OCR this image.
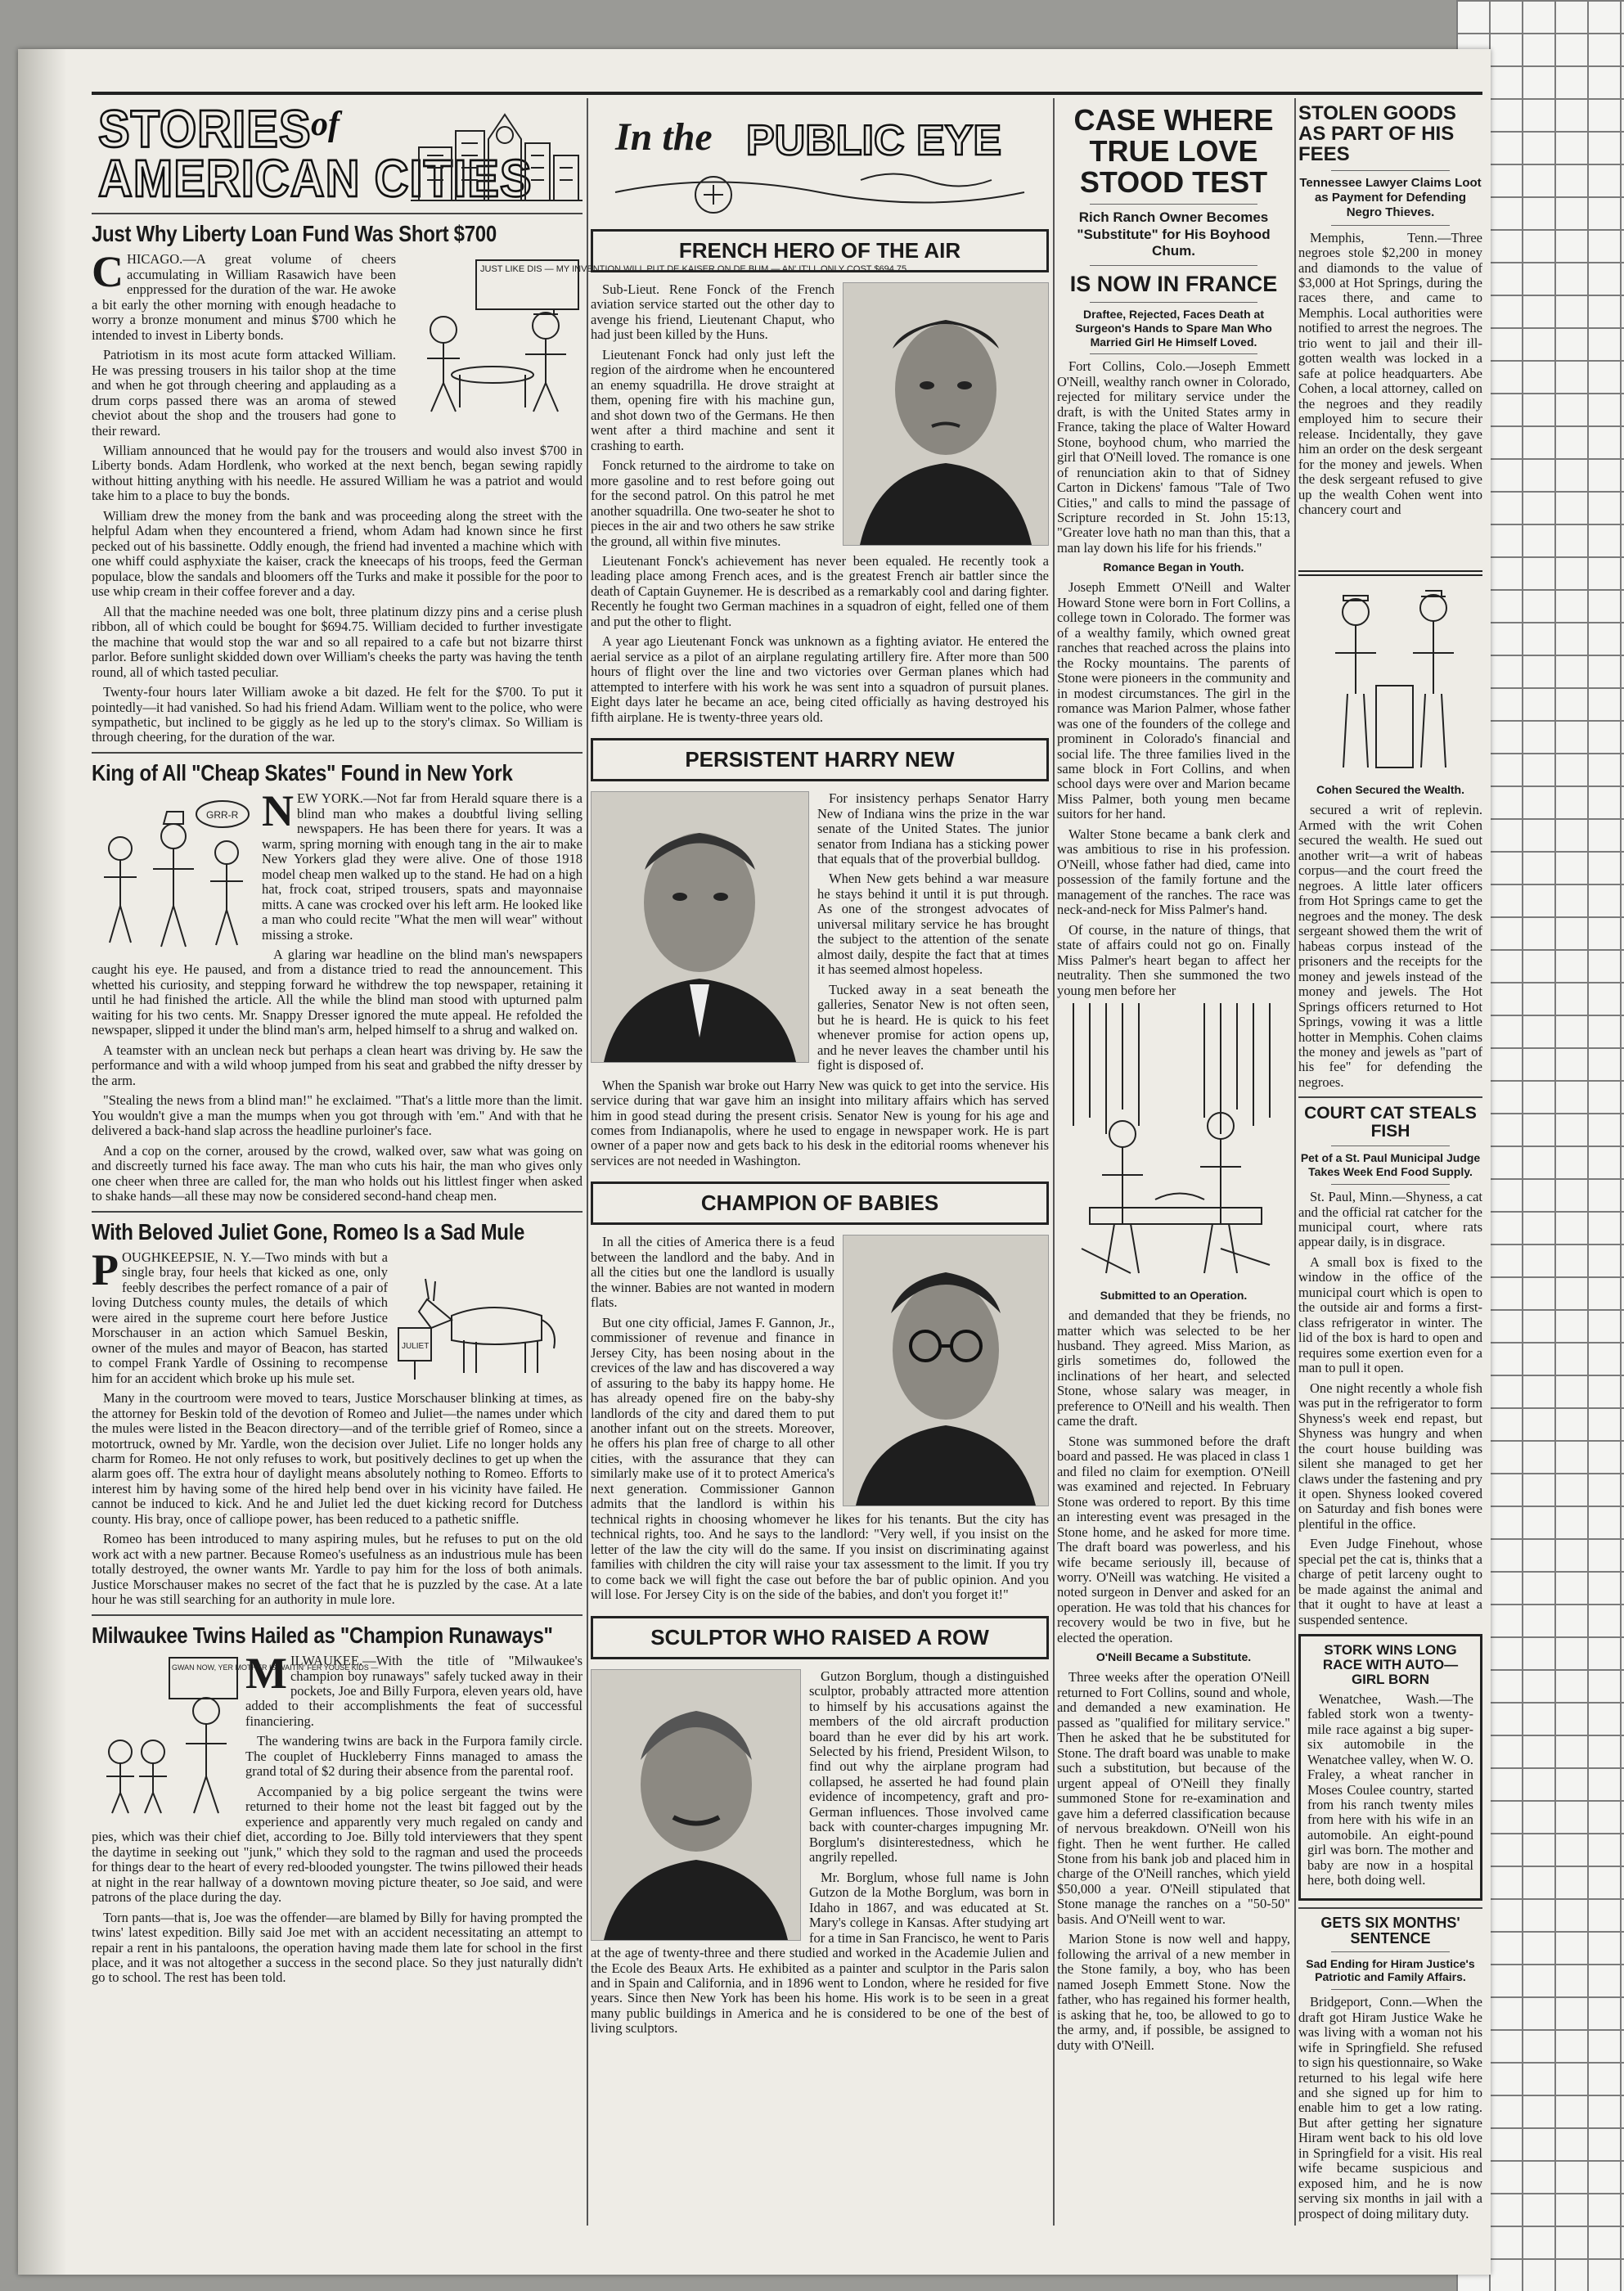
STORIES
AMERICAN CITIES
of
Just Why Liberty Loan Fund Was Short $700
JUST LIKE DIS — MY INVENTION WILL PUT DE KAISER ON DE BUM — AN' IT'LL ONLY COST $694.75

CHICAGO.—A great volume of cheers accumulating in William Rasawich have been enppressed for the duration of the war. He awoke a bit early the other morning with enough headache to worry a bronze monument and minus $700 which he intended to invest in Liberty bonds.

Patriotism in its most acute form attacked William. He was pressing trousers in his tailor shop at the time and when he got through cheering and applauding as a drum corps passed there was an aroma of stewed cheviot about the shop and the trousers had gone to their reward.

William announced that he would pay for the trousers and would also invest $700 in Liberty bonds. Adam Hordlenk, who worked at the next bench, began sewing rapidly without hitting anything with his needle. He assured William he was a patriot and would take him to a place to buy the bonds.

William drew the money from the bank and was proceeding along the street with the helpful Adam when they encountered a friend, whom Adam had known since he first pecked out of his bassinette. Oddly enough, the friend had invented a machine which with one whiff could asphyxiate the kaiser, crack the kneecaps of his troops, feed the German populace, blow the sandals and bloomers off the Turks and make it possible for the poor to use whip cream in their coffee forever and a day.

All that the machine needed was one bolt, three platinum dizzy pins and a cerise plush ribbon, all of which could be bought for $694.75. William decided to further investigate the machine that would stop the war and so all repaired to a cafe but not bizarre thirst parlor. Before sunlight skidded down over William's cheeks the party was having the tenth round, all of which tasted peculiar.

Twenty-four hours later William awoke a bit dazed. He felt for the $700. To put it pointedly—it had vanished. So had his friend Adam. William went to the police, who were sympathetic, but inclined to be giggly as he led up to the story's climax. So William is through cheering, for the duration of the war.

King of All "Cheap Skates" Found in New York
GRR-R NEW YORK.—Not far from Herald square there is a blind man who makes a doubtful living selling newspapers. He has been there for years. It was a warm, spring morning with enough tang in the air to make New Yorkers glad they were alive. One of those 1918 model cheap men walked up to the stand. He had on a high hat, frock coat, striped trousers, spats and mayonnaise mitts. A cane was crocked over his left arm. He looked like a man who could recite "What the men will wear" without missing a stroke.

A glaring war headline on the blind man's newspapers caught his eye. He paused, and from a distance tried to read the announcement. This whetted his curiosity, and stepping forward he withdrew the top newspaper, retaining it until he had finished the article. All the while the blind man stood with upturned palm waiting for his two cents. Mr. Snappy Dresser ignored the mute appeal. He refolded the newspaper, slipped it under the blind man's arm, helped himself to a shrug and walked on.

A teamster with an unclean neck but perhaps a clean heart was driving by. He saw the performance and with a wild whoop jumped from his seat and grabbed the nifty dresser by the arm.

"Stealing the news from a blind man!" he exclaimed. "That's a little more than the limit. You wouldn't give a man the mumps when you got through with 'em." And with that he delivered a back-hand slap across the headline purloiner's face.

And a cop on the corner, aroused by the crowd, walked over, saw what was going on and discreetly turned his face away. The man who cuts his hair, the man who gives only one cheer when three are called for, the man who holds out his littlest finger when asked to shake hands—all these may now be considered second-hand cheap men.

With Beloved Juliet Gone, Romeo Is a Sad Mule
JULIET

POUGHKEEPSIE, N. Y.—Two minds with but a single bray, four heels that kicked as one, only feebly describes the perfect romance of a pair of loving Dutchess county mules, the details of which were aired in the supreme court here before Justice Morschauser in an action which Samuel Beskin, owner of the mules and mayor of Beacon, has started to compel Frank Yardle of Ossining to recompense him for an accident which broke up his mule set.

Many in the courtroom were moved to tears, Justice Morschauser blinking at times, as the attorney for Beskin told of the devotion of Romeo and Juliet—the names under which the mules were listed in the Beacon directory—and of the terrible grief of Romeo, since a motortruck, owned by Mr. Yardle, won the decision over Juliet. Life no longer holds any charm for Romeo. He not only refuses to work, but positively declines to get up when the alarm goes off. The extra hour of daylight means absolutely nothing to Romeo. Efforts to interest him by having some of the hired help bend over in his vicinity have failed. He cannot be induced to kick. And he and Juliet led the duet kicking record for Dutchess county. His bray, once of calliope power, has been reduced to a pathetic sniffle.

Romeo has been introduced to many aspiring mules, but he refuses to put on the old work act with a new partner. Because Romeo's usefulness as an industrious mule has been totally destroyed, the owner wants Mr. Yardle to pay him for the loss of both animals. Justice Morschauser makes no secret of the fact that he is puzzled by the case. At a late hour he was still searching for an authority in mule lore.

Milwaukee Twins Hailed as "Champion Runaways"
GWAN NOW, YER MOTHER IS WAITIN' FER YOUSE KIDS —

MILWAUKEE.—With the title of "Milwaukee's champion boy runaways" safely tucked away in their pockets, Joe and Billy Furpora, eleven years old, have added to their accomplishments the feat of successful financiering.

The wandering twins are back in the Furpora family circle. The couplet of Huckleberry Finns managed to amass the grand total of $2 during their absence from the parental roof.

Accompanied by a big police sergeant the twins were returned to their home not the least bit fagged out by the experience and apparently very much regaled on candy and pies, which was their chief diet, according to Joe. Billy told interviewers that they spent the daytime in seeking out "junk," which they sold to the ragman and used the proceeds for things dear to the heart of every red-blooded youngster. The twins pillowed their heads at night in the rear hallway of a downtown moving picture theater, so Joe said, and were patrons of the place during the day.

Torn pants—that is, Joe was the offender—are blamed by Billy for having prompted the twins' latest expedition. Billy said Joe met with an accident necessitating an attempt to repair a rent in his pantaloons, the operation having made them late for school in the first place, and it was not altogether a success in the second place. So they just naturally didn't go to school. The rest has been told.

In the PUBLIC EYE
FRENCH HERO OF THE AIR

Sub-Lieut. Rene Fonck of the French aviation service started out the other day to avenge his friend, Lieutenant Chaput, who had just been killed by the Huns.

Lieutenant Fonck had only just left the region of the airdrome when he encountered an enemy squadrilla. He drove straight at them, opening fire with his machine gun, and shot down two of the Germans. He then went after a third machine and sent it crashing to earth.

Fonck returned to the airdrome to take on more gasoline and to rest before going out for the second patrol. On this patrol he met another squadrilla. One two-seater he shot to pieces in the air and two others he saw strike the ground, all within five minutes.

Lieutenant Fonck's achievement has never been equaled. He recently took a leading place among French aces, and is the greatest French air battler since the death of Captain Guynemer. He is described as a remarkably cool and daring fighter. Recently he fought two German machines in a squadron of eight, felled one of them and put the other to flight.

A year ago Lieutenant Fonck was unknown as a fighting aviator. He entered the aerial service as a pilot of an airplane regulating artillery fire. After more than 500 hours of flight over the line and two victories over German planes which had attempted to interfere with his work he was sent into a squadron of pursuit planes. Eight days later he became an ace, being cited officially as having destroyed his fifth airplane. He is twenty-three years old.

PERSISTENT HARRY NEW

For insistency perhaps Senator Harry New of Indiana wins the prize in the war senate of the United States. The junior senator from Indiana has a sticking power that equals that of the proverbial bulldog.

When New gets behind a war measure he stays behind it until it is put through. As one of the strongest advocates of universal military service he has brought the subject to the attention of the senate almost daily, despite the fact that at times it has seemed almost hopeless.

Tucked away in a seat beneath the galleries, Senator New is not often seen, but he is heard. He is quick to his feet whenever promise for action opens up, and he never leaves the chamber until his fight is disposed of.

When the Spanish war broke out Harry New was quick to get into the service. His service during that war gave him an insight into military affairs which has served him in good stead during the present crisis. Senator New is young for his age and comes from Indianapolis, where he used to engage in newspaper work. He is part owner of a paper now and gets back to his desk in the editorial rooms whenever his services are not needed in Washington.

CHAMPION OF BABIES

In all the cities of America there is a feud between the landlord and the baby. And in all the cities but one the landlord is usually the winner. Babies are not wanted in modern flats.

But one city official, James F. Gannon, Jr., commissioner of revenue and finance in Jersey City, has been nosing about in the crevices of the law and has discovered a way of assuring to the baby its happy home. He has already opened fire on the baby-shy landlords of the city and dared them to put another infant out on the streets. Moreover, he offers his plan free of charge to all other cities, with the assurance that they can similarly make use of it to protect America's next generation. Commissioner Gannon admits that the landlord is within his technical rights in choosing whomever he likes for his tenants. But the city has technical rights, too. And he says to the landlord: "Very well, if you insist on the letter of the law the city will do the same. If you insist on discriminating against families with children the city will raise your tax assessment to the limit. If you try to come back we will fight the case out before the bar of public opinion. And you will lose. For Jersey City is on the side of the babies, and don't you forget it!"

SCULPTOR WHO RAISED A ROW

Gutzon Borglum, though a distinguished sculptor, probably attracted more attention to himself by his accusations against the members of the old aircraft production board than he ever did by his art work. Selected by his friend, President Wilson, to find out why the airplane program had collapsed, he asserted he had found plain evidence of incompetency, graft and pro-German influences. Those involved came back with counter-charges impugning Mr. Borglum's disinterestedness, which he angrily repelled.

Mr. Borglum, whose full name is John Gutzon de la Mothe Borglum, was born in Idaho in 1867, and was educated at St. Mary's college in Kansas. After studying art for a time in San Francisco, he went to Paris at the age of twenty-three and there studied and worked in the Academie Julien and the Ecole des Beaux Arts. He exhibited as a painter and sculptor in the Paris salon and in Spain and California, and in 1896 went to London, where he resided for five years. Since then New York has been his home. His work is to be seen in a great many public buildings in America and he is considered to be one of the best of living sculptors.

CASE WHERE TRUE LOVE STOOD TEST
Rich Ranch Owner Becomes "Substitute" for His Boyhood Chum.
IS NOW IN FRANCE
Draftee, Rejected, Faces Death at Surgeon's Hands to Spare Man Who Married Girl He Himself Loved.

Fort Collins, Colo.—Joseph Emmett O'Neill, wealthy ranch owner in Colorado, rejected for military service under the draft, is with the United States army in France, taking the place of Walter Howard Stone, boyhood chum, who married the girl that O'Neill loved. The romance is one of renunciation akin to that of Sidney Carton in Dickens' famous "Tale of Two Cities," and calls to mind the passage of Scripture recorded in St. John 15:13, "Greater love hath no man than this, that a man lay down his life for his friends."

Romance Began in Youth.

Joseph Emmett O'Neill and Walter Howard Stone were born in Fort Collins, a college town in Colorado. The former was of a wealthy family, which owned great ranches that reached across the plains into the Rocky mountains. The parents of Stone were pioneers in the community and in modest circumstances. The girl in the romance was Marion Palmer, whose father was one of the founders of the college and prominent in Colorado's financial and social life. The three families lived in the same block in Fort Collins, and when school days were over and Marion became Miss Palmer, both young men became suitors for her hand.

Walter Stone became a bank clerk and was ambitious to rise in his profession. O'Neill, whose father had died, came into possession of the family fortune and the management of the ranches. The race was neck-and-neck for Miss Palmer's hand.

Of course, in the nature of things, that state of affairs could not go on. Finally Miss Palmer's heart began to affect her neutrality. Then she summoned the two young men before her

Submitted to an Operation.

and demanded that they be friends, no matter which was selected to be her husband. They agreed. Miss Marion, as girls sometimes do, followed the inclinations of her heart, and selected Stone, whose salary was meager, in preference to O'Neill and his wealth. Then came the draft.

Stone was summoned before the draft board and passed. He was placed in class 1 and filed no claim for exemption. O'Neill was examined and rejected. In February Stone was ordered to report. By this time an interesting event was presaged in the Stone home, and he asked for more time. The draft board was powerless, and his wife became seriously ill, because of worry. O'Neill was watching. He visited a noted surgeon in Denver and asked for an operation. He was told that his chances for recovery would be two in five, but he elected the operation.

O'Neill Became a Substitute.

Three weeks after the operation O'Neill returned to Fort Collins, sound and whole, and demanded a new examination. He passed as "qualified for military service." Then he asked that he be substituted for Stone. The draft board was unable to make such a substitution, but because of the urgent appeal of O'Neill they finally summoned Stone for re-examination and gave him a deferred classification because of nervous breakdown. O'Neill won his fight. Then he went further. He called Stone from his bank job and placed him in charge of the O'Neill ranches, which yield $50,000 a year. O'Neill stipulated that Stone manage the ranches on a "50-50" basis. And O'Neill went to war.

Marion Stone is now well and happy, following the arrival of a new member in the Stone family, a boy, who has been named Joseph Emmett Stone. Now the father, who has regained his former health, is asking that he, too, be allowed to go to the army, and, if possible, be assigned to duty with O'Neill.

STOLEN GOODS AS PART OF HIS FEES
Tennessee Lawyer Claims Loot as Payment for Defending Negro Thieves.

Memphis, Tenn.—Three negroes stole $2,200 in money and diamonds to the value of $3,000 at Hot Springs, during the races there, and came to Memphis. Local authorities were notified to arrest the negroes. The trio went to jail and their ill-gotten wealth was locked in a safe at police headquarters. Abe Cohen, a local attorney, called on the negroes and they readily employed him to secure their release. Incidentally, they gave him an order on the desk sergeant for the money and jewels. When the desk sergeant refused to give up the wealth Cohen went into chancery court and

Cohen Secured the Wealth.

secured a writ of replevin. Armed with the writ Cohen secured the wealth. He sued out another writ—a writ of habeas corpus—and the court freed the negroes. A little later officers from Hot Springs came to get the negroes and the money. The desk sergeant showed them the writ of habeas corpus instead of the prisoners and the receipts for the money and jewels instead of the money and jewels. The Hot Springs officers returned to Hot Springs, vowing it was a little hotter in Memphis. Cohen claims the money and jewels as "part of his fee" for defending the negroes.

COURT CAT STEALS FISH
Pet of a St. Paul Municipal Judge Takes Week End Food Supply.

St. Paul, Minn.—Shyness, a cat and the official rat catcher for the municipal court, where rats appear daily, is in disgrace.

A small box is fixed to the window in the office of the municipal court which is open to the outside air and forms a first-class refrigerator in winter. The lid of the box is hard to open and requires some exertion even for a man to pull it open.

One night recently a whole fish was put in the refrigerator to form Shyness's week end repast, but Shyness was hungry and when the court house building was silent she managed to get her claws under the fastening and pry it open. Shyness looked covered on Saturday and fish bones were plentiful in the office.

Even Judge Finehout, whose special pet the cat is, thinks that a charge of petit larceny ought to be made against the animal and that it ought to have at least a suspended sentence.

STORK WINS LONG RACE WITH AUTO—GIRL BORN

Wenatchee, Wash.—The fabled stork won a twenty-mile race against a big super-six automobile in the Wenatchee valley, when W. O. Fraley, a wheat rancher in Moses Coulee country, started from his ranch twenty miles from here with his wife in an automobile. An eight-pound girl was born. The mother and baby are now in a hospital here, both doing well.

GETS SIX MONTHS' SENTENCE
Sad Ending for Hiram Justice's Patriotic and Family Affairs.

Bridgeport, Conn.—When the draft got Hiram Justice Wake he was living with a woman not his wife in Springfield. She refused to sign his questionnaire, so Wake returned to his legal wife here and she signed up for him to enable him to get a low rating. But after getting her signature Hiram went back to his old love in Springfield for a visit. His real wife became suspicious and exposed him, and he is now serving six months in jail with a prospect of doing military duty.
